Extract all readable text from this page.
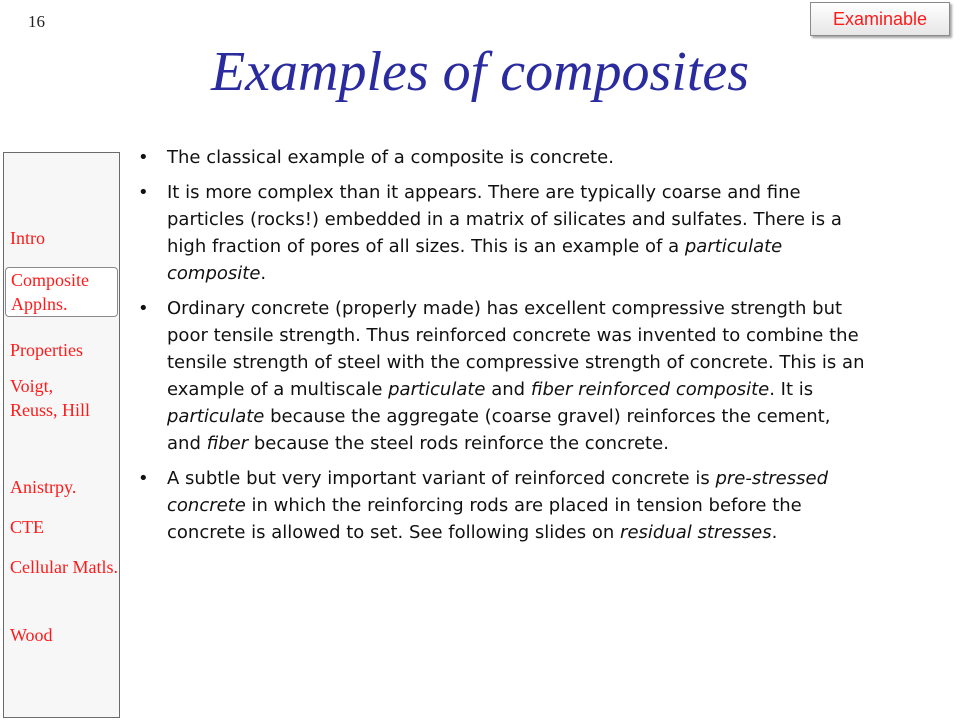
16	Examinable
Examples of composites
Intro
Composite Applns.
Properties
Voigt, Reuss, Hill
Anistrpy.
CTE
Cellular Matls.
Wood
• The classical example of a composite is concrete.
• It is more complex than it appears. There are typically coarse and fine particles (rocks!) embedded in a matrix of silicates and sulfates. There is a high fraction of pores of all sizes. This is an example of a particulate composite.
• Ordinary concrete (properly made) has excellent compressive strength but poor tensile strength. Thus reinforced concrete was invented to combine the tensile strength of steel with the compressive strength of concrete. This is an example of a multiscale particulate and fiber reinforced composite. It is particulate because the aggregate (coarse gravel) reinforces the cement, and fiber because the steel rods reinforce the concrete.
• A subtle but very important variant of reinforced concrete is pre-stressed concrete in which the reinforcing rods are placed in tension before the concrete is allowed to set. See following slides on residual stresses.
